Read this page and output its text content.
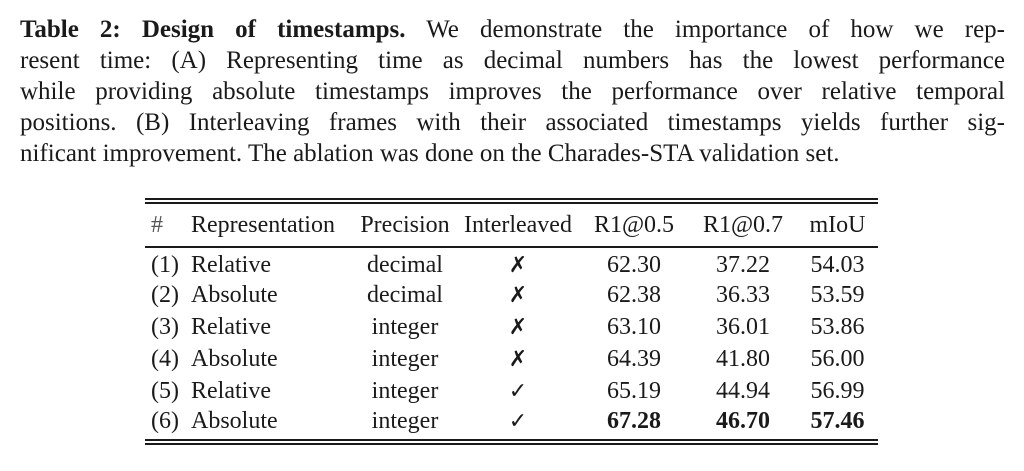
Table 2: Design of timestamps. We demonstrate the importance of how we rep-
resent time: (A) Representing time as decimal numbers has the lowest performance
while providing absolute timestamps improves the performance over relative temporal
positions. (B) Interleaving frames with their associated timestamps yields further sig-
nificant improvement. The ablation was done on the Charades-STA validation set.
#	Representation	Precision	Interleaved	R1@0.5	R1@0.7	mIoU
(1)	Relative	decimal	✗	62.30	37.22	54.03
(2)	Absolute	decimal	✗	62.38	36.33	53.59
(3)	Relative	integer	✗	63.10	36.01	53.86
(4)	Absolute	integer	✗	64.39	41.80	56.00
(5)	Relative	integer	✓	65.19	44.94	56.99
(6)	Absolute	integer	✓	67.28	46.70	57.46
